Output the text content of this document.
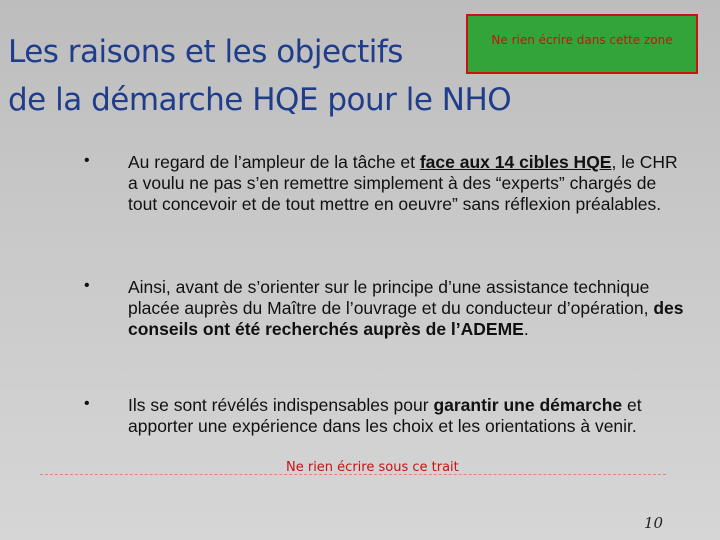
Les raisons et les objectifs
de la démarche HQE pour le NHO
Ne rien écrire dans cette zone
• Au regard de l’ampleur de la tâche et face aux 14 cibles HQE, le CHR a voulu ne pas s’en remettre simplement à des “experts” chargés de tout concevoir et de tout mettre en oeuvre” sans réflexion préalables.
• Ainsi, avant de s’orienter sur le principe d’une assistance technique placée auprès du Maître de l’ouvrage et du conducteur d’opération, des conseils ont été recherchés auprès de l’ADEME.
• Ils se sont révélés indispensables pour garantir une démarche et apporter une expérience dans les choix et les orientations à venir.
Ne rien écrire sous ce trait
10
